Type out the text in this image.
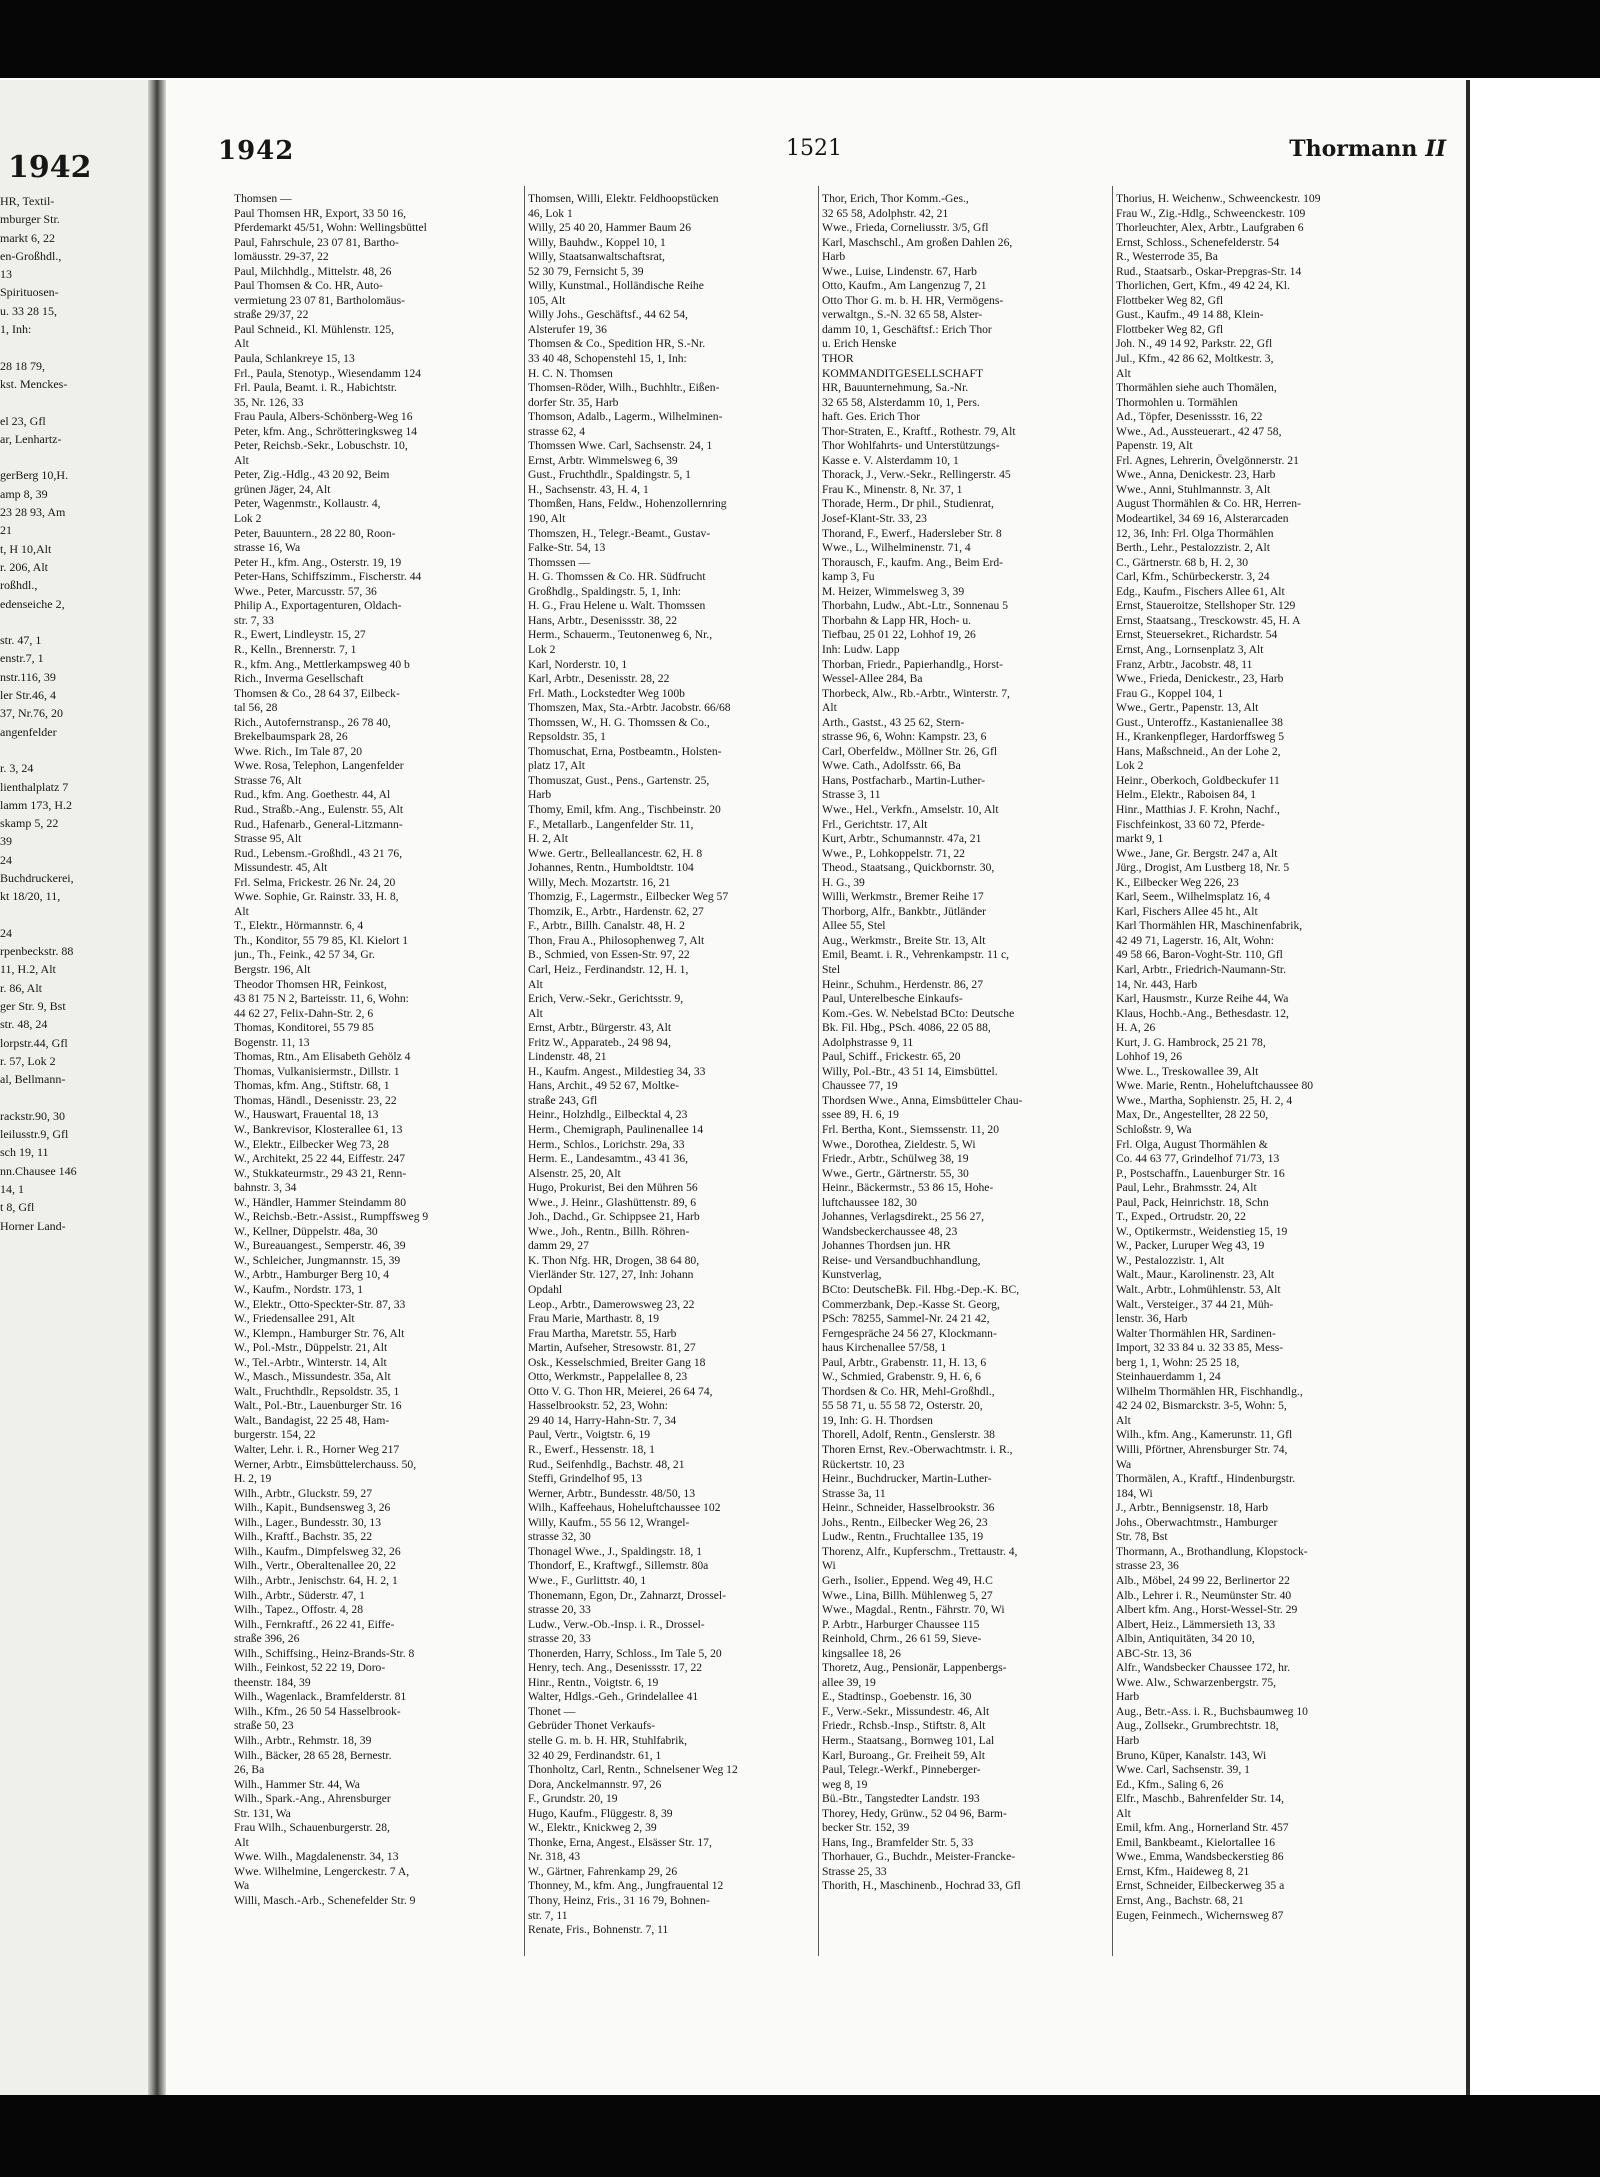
1942
HR, Textil-
mburger Str.
markt 6, 22
en-Großhdl.,
13
Spirituosen-
u. 33 28 15,
1, Inh:
28 18 79,
kst. Menckes-
el 23, Gfl
ar, Lenhartz-
gerBerg 10,H.
amp 8, 39
23 28 93, Am
21
t, H 10,Alt
r. 206, Alt
roßhdl.,
edenseiche 2,
str. 47, 1
enstr.7, 1
nstr.116, 39
ler Str.46, 4
37, Nr.76, 20
angenfelder
r. 3, 24
lienthalplatz 7
lamm 173, H.2
skamp 5, 22
39
24
Buchdruckerei,
kt 18/20, 11,
24
rpenbeckstr. 88
11, H.2, Alt
r. 86, Alt
ger Str. 9, Bst
str. 48, 24
lorpstr.44, Gfl
r. 57, Lok 2
al, Bellmann-
rackstr.90, 30
leilusstr.9, Gfl
sch 19, 11
nn.Chausee 146
14, 1
t 8, Gfl
Horner Land-
1942	1521	Thormann II
Thomsen —
Paul Thomsen HR, Export, 33 50 16,
Pferdemarkt 45/51, Wohn: Wellingsbüttel
Paul, Fahrschule, 23 07 81, Bartho-
lomäusstr. 29-37, 22
Paul, Milchhdlg., Mittelstr. 48, 26
Paul Thomsen & Co. HR, Auto-
vermietung 23 07 81, Bartholomäus-
straße 29/37, 22
Paul Schneid., Kl. Mühlenstr. 125,
Alt
Paula, Schlankreye 15, 13
Frl., Paula, Stenotyp., Wiesendamm 124
Frl. Paula, Beamt. i. R., Habichtstr.
35, Nr. 126, 33
Frau Paula, Albers-Schönberg-Weg 16
Peter, kfm. Ang., Schrötteringksweg 14
Peter, Reichsb.-Sekr., Lobuschstr. 10,
Alt
Peter, Zig.-Hdlg., 43 20 92, Beim
grünen Jäger, 24, Alt
Peter, Wagenmstr., Kollaustr. 4,
Lok 2
Peter, Bauuntern., 28 22 80, Roon-
strasse 16, Wa
Peter H., kfm. Ang., Osterstr. 19, 19
Peter-Hans, Schiffszimm., Fischerstr. 44
Wwe., Peter, Marcusstr. 57, 36
Philip A., Exportagenturen, Oldach-
str. 7, 33
R., Ewert, Lindleystr. 15, 27
R., Kelln., Brennerstr. 7, 1
R., kfm. Ang., Mettlerkampsweg 40 b
Rich., Inverma Gesellschaft
Thomsen & Co., 28 64 37, Eilbeck-
tal 56, 28
Rich., Autofernstransp., 26 78 40,
Brekelbaumspark 28, 26
Wwe. Rich., Im Tale 87, 20
Wwe. Rosa, Telephon, Langenfelder
Strasse 76, Alt
Rud., kfm. Ang. Goethestr. 44, Al
Rud., Straßb.-Ang., Eulenstr. 55, Alt
Rud., Hafenarb., General-Litzmann-
Strasse 95, Alt
Rud., Lebensm.-Großhdl., 43 21 76,
Missundestr. 45, Alt
Frl. Selma, Frickestr. 26 Nr. 24, 20
Wwe. Sophie, Gr. Rainstr. 33, H. 8,
Alt
T., Elektr., Hörmannstr. 6, 4
Th., Konditor, 55 79 85, Kl. Kielort 1
jun., Th., Feink., 42 57 34, Gr.
Bergstr. 196, Alt
Theodor Thomsen HR, Feinkost,
43 81 75 N 2, Barteisstr. 11, 6, Wohn:
44 62 27, Felix-Dahn-Str. 2, 6
Thomas, Konditorei, 55 79 85
Bogenstr. 11, 13
Thomas, Rtn., Am Elisabeth Gehölz 4
Thomas, Vulkanisiermstr., Dillstr. 1
Thomas, kfm. Ang., Stiftstr. 68, 1
Thomas, Händl., Desenisstr. 23, 22
W., Hauswart, Frauental 18, 13
W., Bankrevisor, Klosterallee 61, 13
W., Elektr., Eilbecker Weg 73, 28
W., Architekt, 25 22 44, Eiffestr. 247
W., Stukkateurmstr., 29 43 21, Renn-
bahnstr. 3, 34
W., Händler, Hammer Steindamm 80
W., Reichsb.-Betr.-Assist., Rumpffsweg 9
W., Kellner, Düppelstr. 48a, 30
W., Bureauangest., Semperstr. 46, 39
W., Schleicher, Jungmannstr. 15, 39
W., Arbtr., Hamburger Berg 10, 4
W., Kaufm., Nordstr. 173, 1
W., Elektr., Otto-Speckter-Str. 87, 33
W., Friedensallee 291, Alt
W., Klempn., Hamburger Str. 76, Alt
W., Pol.-Mstr., Düppelstr. 21, Alt
W., Tel.-Arbtr., Winterstr. 14, Alt
W., Masch., Missundestr. 35a, Alt
Walt., Fruchthdlr., Repsoldstr. 35, 1
Walt., Pol.-Btr., Lauenburger Str. 16
Walt., Bandagist, 22 25 48, Ham-
burgerstr. 154, 22
Walter, Lehr. i. R., Horner Weg 217
Werner, Arbtr., Eimsbüttelerchauss. 50,
H. 2, 19
Wilh., Arbtr., Gluckstr. 59, 27
Wilh., Kapit., Bundsensweg 3, 26
Wilh., Lager., Bundesstr. 30, 13
Wilh., Kraftf., Bachstr. 35, 22
Wilh., Kaufm., Dimpfelsweg 32, 26
Wilh., Vertr., Oberaltenallee 20, 22
Wilh., Arbtr., Jenischstr. 64, H. 2, 1
Wilh., Arbtr., Süderstr. 47, 1
Wilh., Tapez., Offostr. 4, 28
Wilh., Fernkraftf., 26 22 41, Eiffe-
straße 396, 26
Wilh., Schiffsing., Heinz-Brands-Str. 8
Wilh., Feinkost, 52 22 19, Doro-
theenstr. 184, 39
Wilh., Wagenlack., Bramfelderstr. 81
Wilh., Kfm., 26 50 54 Hasselbrook-
straße 50, 23
Wilh., Arbtr., Rehmstr. 18, 39
Wilh., Bäcker, 28 65 28, Bernestr.
26, Ba
Wilh., Hammer Str. 44, Wa
Wilh., Spark.-Ang., Ahrensburger
Str. 131, Wa
Frau Wilh., Schauenburgerstr. 28,
Alt
Wwe. Wilh., Magdalenenstr. 34, 13
Wwe. Wilhelmine, Lengerckestr. 7 A,
Wa
Willi, Masch.-Arb., Schenefelder Str. 9
Thomsen, Willi, Elektr. Feldhoopstücken
46, Lok 1
Willy, 25 40 20, Hammer Baum 26
Willy, Bauhdw., Koppel 10, 1
Willy, Staatsanwaltschaftsrat,
52 30 79, Fernsicht 5, 39
Willy, Kunstmal., Holländische Reihe
105, Alt
Willy Johs., Geschäftsf., 44 62 54,
Alsterufer 19, 36
Thomsen & Co., Spedition HR, S.-Nr.
33 40 48, Schopenstehl 15, 1, Inh:
H. C. N. Thomsen
Thomsen-Röder, Wilh., Buchhltr., Eißen-
dorfer Str. 35, Harb
Thomson, Adalb., Lagerm., Wilhelminen-
strasse 62, 4
Thomssen Wwe. Carl, Sachsenstr. 24, 1
Ernst, Arbtr. Wimmelsweg 6, 39
Gust., Fruchthdlr., Spaldingstr. 5, 1
H., Sachsenstr. 43, H. 4, 1
Thomßen, Hans, Feldw., Hohenzollernring
190, Alt
Thomszen, H., Telegr.-Beamt., Gustav-
Falke-Str. 54, 13
Thomssen —
H. G. Thomssen & Co. HR. Südfrucht
Großhdlg., Spaldingstr. 5, 1, Inh:
H. G., Frau Helene u. Walt. Thomssen
Hans, Arbtr., Desenissstr. 38, 22
Herm., Schauerm., Teutonenweg 6, Nr.,
Lok 2
Karl, Norderstr. 10, 1
Karl, Arbtr., Desenisstr. 28, 22
Frl. Math., Lockstedter Weg 100b
Thomszen, Max, Sta.-Arbtr. Jacobstr. 66/68
Thomssen, W., H. G. Thomssen & Co.,
Repsoldstr. 35, 1
Thomuschat, Erna, Postbeamtn., Holsten-
platz 17, Alt
Thomuszat, Gust., Pens., Gartenstr. 25,
Harb
Thomy, Emil, kfm. Ang., Tischbeinstr. 20
F., Metallarb., Langenfelder Str. 11,
H. 2, Alt
Wwe. Gertr., Belleallancestr. 62, H. 8
Johannes, Rentn., Humboldtstr. 104
Willy, Mech. Mozartstr. 16, 21
Thomzig, F., Lagermstr., Eilbecker Weg 57
Thomzik, E., Arbtr., Hardenstr. 62, 27
F., Arbtr., Billh. Canalstr. 48, H. 2
Thon, Frau A., Philosophenweg 7, Alt
B., Schmied, von Essen-Str. 97, 22
Carl, Heiz., Ferdinandstr. 12, H. 1,
Alt
Erich, Verw.-Sekr., Gerichtsstr. 9,
Alt
Ernst, Arbtr., Bürgerstr. 43, Alt
Fritz W., Apparateb., 24 98 94,
Lindenstr. 48, 21
H., Kaufm. Angest., Mildestieg 34, 33
Hans, Archit., 49 52 67, Moltke-
straße 243, Gfl
Heinr., Holzhdlg., Eilbecktal 4, 23
Herm., Chemigraph, Paulinenallee 14
Herm., Schlos., Lorichstr. 29a, 33
Herm. E., Landesamtm., 43 41 36,
Alsenstr. 25, 20, Alt
Hugo, Prokurist, Bei den Mühren 56
Wwe., J. Heinr., Glashüttenstr. 89, 6
Joh., Dachd., Gr. Schippsee 21, Harb
Wwe., Joh., Rentn., Billh. Röhren-
damm 29, 27
K. Thon Nfg. HR, Drogen, 38 64 80,
Vierländer Str. 127, 27, Inh: Johann
Opdahl
Leop., Arbtr., Damerowsweg 23, 22
Frau Marie, Marthastr. 8, 19
Frau Martha, Maretstr. 55, Harb
Martin, Aufseher, Stresowstr. 81, 27
Osk., Kesselschmied, Breiter Gang 18
Otto, Werkmstr., Pappelallee 8, 23
Otto V. G. Thon HR, Meierei, 26 64 74,
Hasselbrookstr. 52, 23, Wohn:
29 40 14, Harry-Hahn-Str. 7, 34
Paul, Vertr., Voigtstr. 6, 19
R., Ewerf., Hessenstr. 18, 1
Rud., Seifenhdlg., Bachstr. 48, 21
Steffi, Grindelhof 95, 13
Werner, Arbtr., Bundesstr. 48/50, 13
Wilh., Kaffeehaus, Hoheluftchaussee 102
Willy, Kaufm., 55 56 12, Wrangel-
strasse 32, 30
Thonagel Wwe., J., Spaldingstr. 18, 1
Thondorf, E., Kraftwgf., Sillemstr. 80a
Wwe., F., Gurlittstr. 40, 1
Thonemann, Egon, Dr., Zahnarzt, Drossel-
strasse 20, 33
Ludw., Verw.-Ob.-Insp. i. R., Drossel-
strasse 20, 33
Thonerden, Harry, Schloss., Im Tale 5, 20
Henry, tech. Ang., Desenissstr. 17, 22
Hinr., Rentn., Voigtstr. 6, 19
Walter, Hdlgs.-Geh., Grindelallee 41
Thonet —
Gebrüder Thonet Verkaufs-
stelle G. m. b. H. HR, Stuhlfabrik,
32 40 29, Ferdinandstr. 61, 1
Thonholtz, Carl, Rentn., Schnelsener Weg 12
Dora, Anckelmannstr. 97, 26
F., Grundstr. 20, 19
Hugo, Kaufm., Flüggestr. 8, 39
W., Elektr., Knickweg 2, 39
Thonke, Erna, Angest., Elsässer Str. 17,
Nr. 318, 43
W., Gärtner, Fahrenkamp 29, 26
Thonney, M., kfm. Ang., Jungfrauental 12
Thony, Heinz, Fris., 31 16 79, Bohnen-
str. 7, 11
Renate, Fris., Bohnenstr. 7, 11
Thor, Erich, Thor Komm.-Ges.,
32 65 58, Adolphstr. 42, 21
Wwe., Frieda, Corneliusstr. 3/5, Gfl
Karl, Maschschl., Am großen Dahlen 26,
Harb
Wwe., Luise, Lindenstr. 67, Harb
Otto, Kaufm., Am Langenzug 7, 21
Otto Thor G. m. b. H. HR, Vermögens-
verwaltgn., S.-N. 32 65 58, Alster-
damm 10, 1, Geschäftsf.: Erich Thor
u. Erich Henske
THOR
KOMMANDITGESELLSCHAFT
HR, Bauunternehmung, Sa.-Nr.
32 65 58, Alsterdamm 10, 1, Pers.
haft. Ges. Erich Thor
Thor-Straten, E., Kraftf., Rothestr. 79, Alt
Thor Wohlfahrts- und Unterstützungs-
Kasse e. V. Alsterdamm 10, 1
Thorack, J., Verw.-Sekr., Rellingerstr. 45
Frau K., Minenstr. 8, Nr. 37, 1
Thorade, Herm., Dr phil., Studienrat,
Josef-Klant-Str. 33, 23
Thorand, F., Ewerf., Hadersleber Str. 8
Wwe., L., Wilhelminenstr. 71, 4
Thorausch, F., kaufm. Ang., Beim Erd-
kamp 3, Fu
M. Heizer, Wimmelsweg 3, 39
Thorbahn, Ludw., Abt.-Ltr., Sonnenau 5
Thorbahn & Lapp HR, Hoch- u.
Tiefbau, 25 01 22, Lohhof 19, 26
Inh: Ludw. Lapp
Thorban, Friedr., Papierhandlg., Horst-
Wessel-Allee 284, Ba
Thorbeck, Alw., Rb.-Arbtr., Winterstr. 7,
Alt
Arth., Gastst., 43 25 62, Stern-
strasse 96, 6, Wohn: Kampstr. 23, 6
Carl, Oberfeldw., Möllner Str. 26, Gfl
Wwe. Cath., Adolfsstr. 66, Ba
Hans, Postfacharb., Martin-Luther-
Strasse 3, 11
Wwe., Hel., Verkfn., Amselstr. 10, Alt
Frl., Gerichtstr. 17, Alt
Kurt, Arbtr., Schumannstr. 47a, 21
Wwe., P., Lohkoppelstr. 71, 22
Theod., Staatsang., Quickbornstr. 30,
H. G., 39
Willi, Werkmstr., Bremer Reihe 17
Thorborg, Alfr., Bankbtr., Jütländer
Allee 55, Stel
Aug., Werkmstr., Breite Str. 13, Alt
Emil, Beamt. i. R., Vehrenkampstr. 11 c,
Stel
Heinr., Schuhm., Herdenstr. 86, 27
Paul, Unterelbesche Einkaufs-
Kom.-Ges. W. Nebelstad BCto: Deutsche
Bk. Fil. Hbg., PSch. 4086, 22 05 88,
Adolphstrasse 9, 11
Paul, Schiff., Frickestr. 65, 20
Willy, Pol.-Btr., 43 51 14, Eimsbüttel.
Chaussee 77, 19
Thordsen Wwe., Anna, Eimsbütteler Chau-
ssee 89, H. 6, 19
Frl. Bertha, Kont., Siemssenstr. 11, 20
Wwe., Dorothea, Zieldestr. 5, Wi
Friedr., Arbtr., Schülweg 38, 19
Wwe., Gertr., Gärtnerstr. 55, 30
Heinr., Bäckermstr., 53 86 15, Hohe-
luftchaussee 182, 30
Johannes, Verlagsdirekt., 25 56 27,
Wandsbeckerchaussee 48, 23
Johannes Thordsen jun. HR
Reise- und Versandbuchhandlung,
Kunstverlag,
BCto: DeutscheBk. Fil. Hbg.-Dep.-K. BC,
Commerzbank, Dep.-Kasse St. Georg,
PSch: 78255, Sammel-Nr. 24 21 42,
Ferngespräche 24 56 27, Klockmann-
haus Kirchenallee 57/58, 1
Paul, Arbtr., Grabenstr. 11, H. 13, 6
W., Schmied, Grabenstr. 9, H. 6, 6
Thordsen & Co. HR, Mehl-Großhdl.,
55 58 71, u. 55 58 72, Osterstr. 20,
19, Inh: G. H. Thordsen
Thorell, Adolf, Rentn., Genslerstr. 38
Thoren Ernst, Rev.-Oberwachtmstr. i. R.,
Rückertstr. 10, 23
Heinr., Buchdrucker, Martin-Luther-
Strasse 3a, 11
Heinr., Schneider, Hasselbrookstr. 36
Johs., Rentn., Eilbecker Weg 26, 23
Ludw., Rentn., Fruchtallee 135, 19
Thorenz, Alfr., Kupferschm., Trettaustr. 4,
Wi
Gerh., Isolier., Eppend. Weg 49, H.C
Wwe., Lina, Billh. Mühlenweg 5, 27
Wwe., Magdal., Rentn., Fährstr. 70, Wi
P. Arbtr., Harburger Chaussee 115
Reinhold, Chrm., 26 61 59, Sieve-
kingsallee 18, 26
Thoretz, Aug., Pensionär, Lappenbergs-
allee 39, 19
E., Stadtinsp., Goebenstr. 16, 30
F., Verw.-Sekr., Missundestr. 46, Alt
Friedr., Rchsb.-Insp., Stiftstr. 8, Alt
Herm., Staatsang., Bornweg 101, Lal
Karl, Buroang., Gr. Freiheit 59, Alt
Paul, Telegr.-Werkf., Pinneberger-
weg 8, 19
Bü.-Btr., Tangstedter Landstr. 193
Thorey, Hedy, Grünw., 52 04 96, Barm-
becker Str. 152, 39
Hans, Ing., Bramfelder Str. 5, 33
Thorhauer, G., Buchdr., Meister-Francke-
Strasse 25, 33
Thorith, H., Maschinenb., Hochrad 33, Gfl
Thorius, H. Weichenw., Schweenckestr. 109
Frau W., Zig.-Hdlg., Schweenckestr. 109
Thorleuchter, Alex, Arbtr., Laufgraben 6
Ernst, Schloss., Schenefelderstr. 54
R., Westerrode 35, Ba
Rud., Staatsarb., Oskar-Prepgras-Str. 14
Thorlichen, Gert, Kfm., 49 42 24, Kl.
Flottbeker Weg 82, Gfl
Gust., Kaufm., 49 14 88, Klein-
Flottbeker Weg 82, Gfl
Joh. N., 49 14 92, Parkstr. 22, Gfl
Jul., Kfm., 42 86 62, Moltkestr. 3,
Alt
Thormählen siehe auch Thomälen,
Thormohlen u. Tormählen
Ad., Töpfer, Desenissstr. 16, 22
Wwe., Ad., Aussteuerart., 42 47 58,
Papenstr. 19, Alt
Frl. Agnes, Lehrerin, Övelgönnerstr. 21
Wwe., Anna, Denickestr. 23, Harb
Wwe., Anni, Stuhlmannstr. 3, Alt
August Thormählen & Co. HR, Herren-
Modeartikel, 34 69 16, Alsterarcaden
12, 36, Inh: Frl. Olga Thormählen
Berth., Lehr., Pestalozzistr. 2, Alt
C., Gärtnerstr. 68 b, H. 2, 30
Carl, Kfm., Schürbeckerstr. 3, 24
Edg., Kaufm., Fischers Allee 61, Alt
Ernst, Staueroitze, Stellshoper Str. 129
Ernst, Staatsang., Tresckowstr. 45, H. A
Ernst, Steuersekret., Richardstr. 54
Ernst, Ang., Lornsenplatz 3, Alt
Franz, Arbtr., Jacobstr. 48, 11
Wwe., Frieda, Denickestr., 23, Harb
Frau G., Koppel 104, 1
Wwe., Gertr., Papenstr. 13, Alt
Gust., Unteroffz., Kastanienallee 38
H., Krankenpfleger, Hardorffsweg 5
Hans, Maßschneid., An der Lohe 2,
Lok 2
Heinr., Oberkoch, Goldbeckufer 11
Helm., Elektr., Raboisen 84, 1
Hinr., Matthias J. F. Krohn, Nachf.,
Fischfeinkost, 33 60 72, Pferde-
markt 9, 1
Wwe., Jane, Gr. Bergstr. 247 a, Alt
Jürg., Drogist, Am Lustberg 18, Nr. 5
K., Eilbecker Weg 226, 23
Karl, Seem., Wilhelmsplatz 16, 4
Karl, Fischers Allee 45 ht., Alt
Karl Thormählen HR, Maschinenfabrik,
42 49 71, Lagerstr. 16, Alt, Wohn:
49 58 66, Baron-Voght-Str. 110, Gfl
Karl, Arbtr., Friedrich-Naumann-Str.
14, Nr. 443, Harb
Karl, Hausmstr., Kurze Reihe 44, Wa
Klaus, Hochb.-Ang., Bethesdastr. 12,
H. A, 26
Kurt, J. G. Hambrock, 25 21 78,
Lohhof 19, 26
Wwe. L., Treskowallee 39, Alt
Wwe. Marie, Rentn., Hoheluftchaussee 80
Wwe., Martha, Sophienstr. 25, H. 2, 4
Max, Dr., Angestellter, 28 22 50,
Schloßstr. 9, Wa
Frl. Olga, August Thormählen &
Co. 44 63 77, Grindelhof 71/73, 13
P., Postschaffn., Lauenburger Str. 16
Paul, Lehr., Brahmsstr. 24, Alt
Paul, Pack, Heinrichstr. 18, Schn
T., Exped., Ortrudstr. 20, 22
W., Optikermstr., Weidenstieg 15, 19
W., Packer, Luruper Weg 43, 19
W., Pestalozzistr. 1, Alt
Walt., Maur., Karolinenstr. 23, Alt
Walt., Arbtr., Lohmühlenstr. 53, Alt
Walt., Versteiger., 37 44 21, Müh-
lenstr. 36, Harb
Walter Thormählen HR, Sardinen-
Import, 32 33 84 u. 32 33 85, Mess-
berg 1, 1, Wohn: 25 25 18,
Steinhauerdamm 1, 24
Wilhelm Thormählen HR, Fischhandlg.,
42 24 02, Bismarckstr. 3-5, Wohn: 5,
Alt
Wilh., kfm. Ang., Kamerunstr. 11, Gfl
Willi, Pförtner, Ahrensburger Str. 74,
Wa
Thormälen, A., Kraftf., Hindenburgstr.
184, Wi
J., Arbtr., Bennigsenstr. 18, Harb
Johs., Oberwachtmstr., Hamburger
Str. 78, Bst
Thormann, A., Brothandlung, Klopstock-
strasse 23, 36
Alb., Möbel, 24 99 22, Berlinertor 22
Alb., Lehrer i. R., Neumünster Str. 40
Albert kfm. Ang., Horst-Wessel-Str. 29
Albert, Heiz., Lämmersieth 13, 33
Albin, Antiquitäten, 34 20 10,
ABC-Str. 13, 36
Alfr., Wandsbecker Chaussee 172, hr.
Wwe. Alw., Schwarzenbergstr. 75,
Harb
Aug., Betr.-Ass. i. R., Buchsbaumweg 10
Aug., Zollsekr., Grumbrechtstr. 18,
Harb
Bruno, Küper, Kanalstr. 143, Wi
Wwe. Carl, Sachsenstr. 39, 1
Ed., Kfm., Saling 6, 26
Elfr., Maschb., Bahrenfelder Str. 14,
Alt
Emil, kfm. Ang., Hornerland Str. 457
Emil, Bankbeamt., Kielortallee 16
Wwe., Emma, Wandsbeckerstieg 86
Ernst, Kfm., Haideweg 8, 21
Ernst, Schneider, Eilbeckerweg 35 a
Ernst, Ang., Bachstr. 68, 21
Eugen, Feinmech., Wichernsweg 87
